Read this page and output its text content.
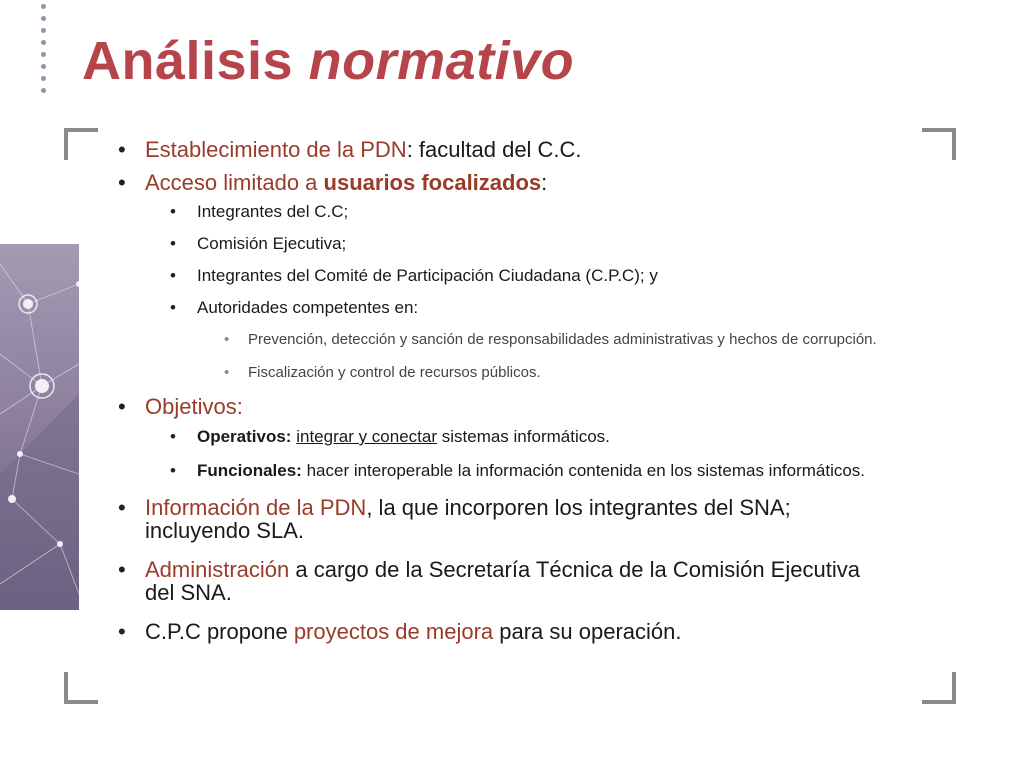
Análisis normativo
• Establecimiento de la PDN: facultad del C.C.
• Acceso limitado a usuarios focalizados:
• Integrantes del C.C;
• Comisión Ejecutiva;
• Integrantes del Comité de Participación Ciudadana (C.P.C); y
• Autoridades competentes en:
• Prevención, detección y sanción de responsabilidades administrativas y hechos de corrupción.
• Fiscalización y control de recursos públicos.
• Objetivos:
• Operativos: integrar y conectar sistemas informáticos.
• Funcionales: hacer interoperable la información contenida en los sistemas informáticos.
• Información de la PDN, la que incorporen los integrantes del SNA; incluyendo SLA.
• Administración a cargo de la Secretaría Técnica de la Comisión Ejecutiva del SNA.
• C.P.C propone proyectos de mejora para su operación.
